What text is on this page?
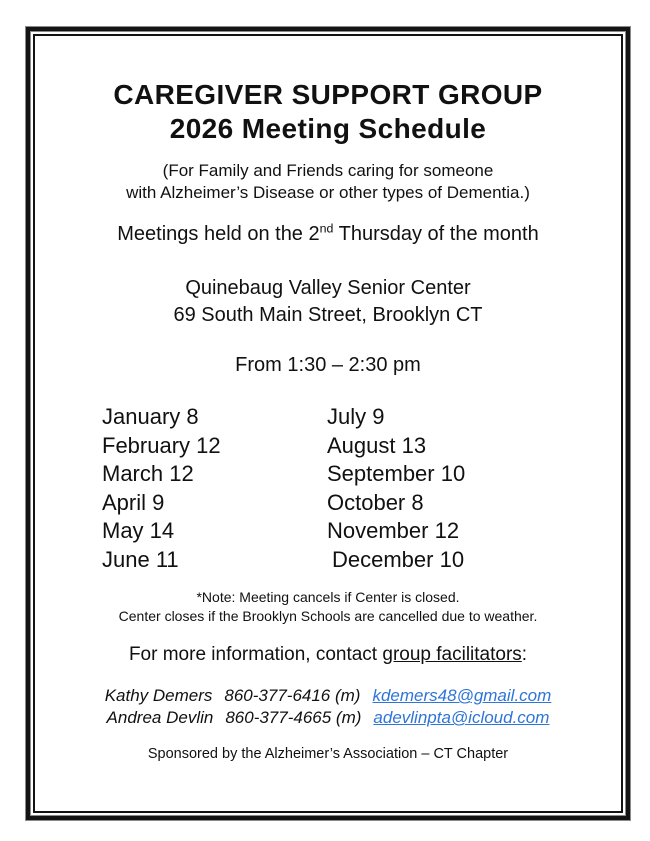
CAREGIVER SUPPORT GROUP
2026 Meeting Schedule

(For Family and Friends caring for someone
with Alzheimer’s Disease or other types of Dementia.)

Meetings held on the 2nd Thursday of the month

Quinebaug Valley Senior Center
69 South Main Street, Brooklyn CT

From 1:30 – 2:30 pm

January 8	July 9
February 12	August 13
March 12	September 10
April 9	October 8
May 14	November 12
June 11	December 10

*Note: Meeting cancels if Center is closed.
Center closes if the Brooklyn Schools are cancelled due to weather.

For more information, contact group facilitators:

Kathy Demers 860-377-6416 (m) kdemers48@gmail.com
Andrea Devlin 860-377-4665 (m) adevlinpta@icloud.com

Sponsored by the Alzheimer’s Association – CT Chapter
